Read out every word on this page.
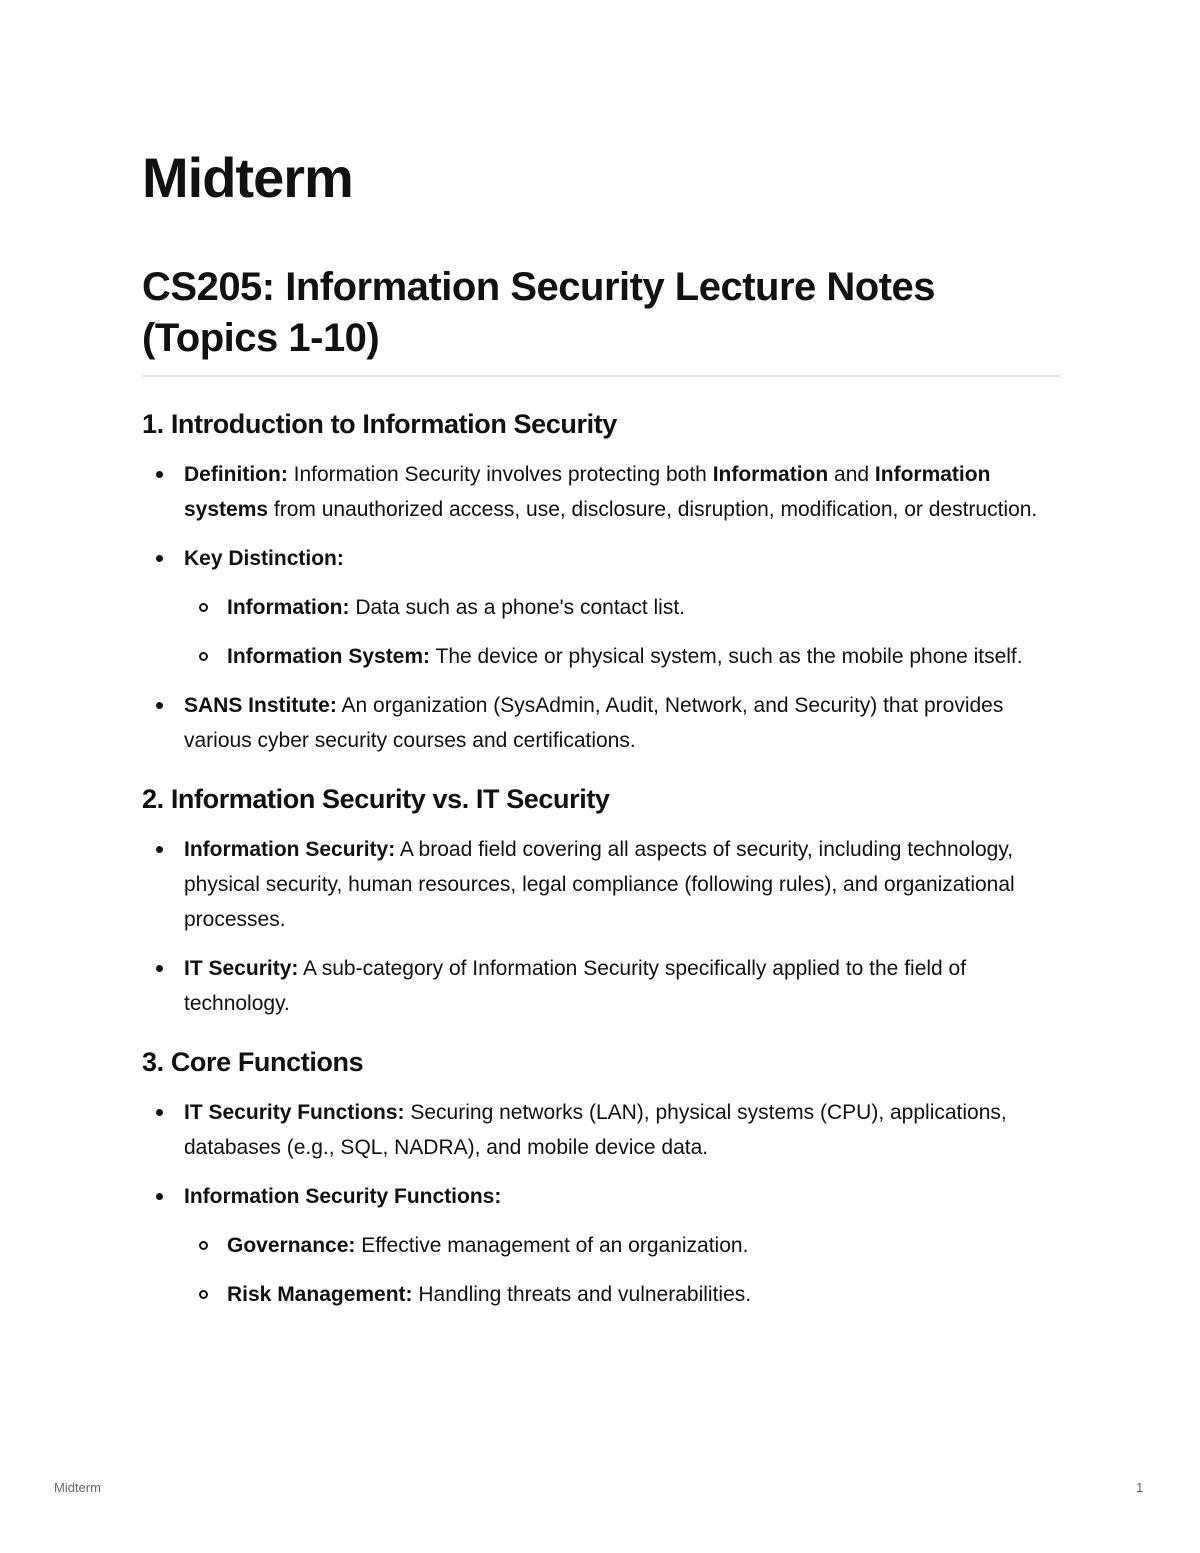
Midterm
CS205: Information Security Lecture Notes (Topics 1-10)
1. Introduction to Information Security
Definition: Information Security involves protecting both Information and Information systems from unauthorized access, use, disclosure, disruption, modification, or destruction.
Key Distinction:
Information: Data such as a phone's contact list.
Information System: The device or physical system, such as the mobile phone itself.
SANS Institute: An organization (SysAdmin, Audit, Network, and Security) that provides various cyber security courses and certifications.
2. Information Security vs. IT Security
Information Security: A broad field covering all aspects of security, including technology, physical security, human resources, legal compliance (following rules), and organizational processes.
IT Security: A sub-category of Information Security specifically applied to the field of technology.
3. Core Functions
IT Security Functions: Securing networks (LAN), physical systems (CPU), applications, databases (e.g., SQL, NADRA), and mobile device data.
Information Security Functions:
Governance: Effective management of an organization.
Risk Management: Handling threats and vulnerabilities.
Midterm	1
